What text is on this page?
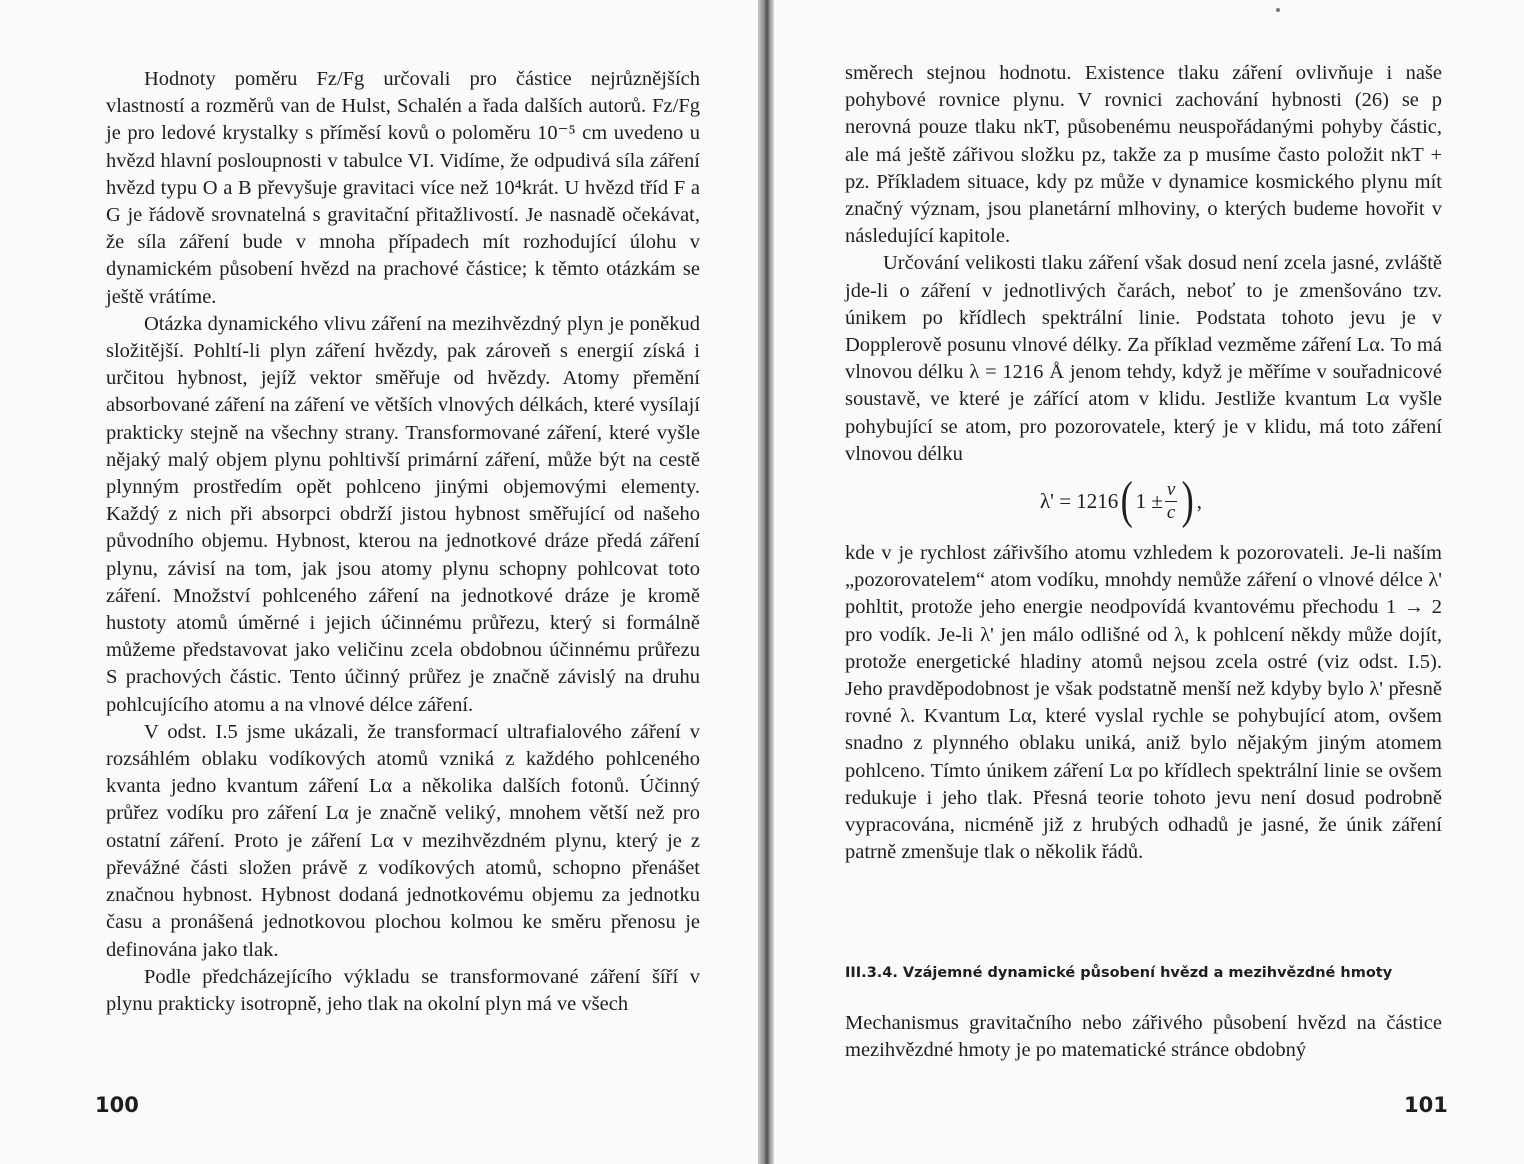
Hodnoty poměru Fz/Fg určovali pro částice nejrůznějších vlastností a rozměrů van de Hulst, Schalén a řada dalších autorů. Fz/Fg je pro ledové krystalky s příměsí kovů o poloměru 10⁻⁵ cm uvedeno u hvězd hlavní posloupnosti v tabulce VI. Vidíme, že odpudivá síla záření hvězd typu O a B převyšuje gravitaci více než 10⁴krát. U hvězd tříd F a G je řádově srovnatelná s gravitační přitažlivostí. Je nasnadě očekávat, že síla záření bude v mnoha případech mít rozhodující úlohu v dynamickém působení hvězd na prachové částice; k těmto otázkám se ještě vrátíme.

Otázka dynamického vlivu záření na mezihvězdný plyn je poněkud složitější. Pohltí-li plyn záření hvězdy, pak zároveň s energií získá i určitou hybnost, jejíž vektor směřuje od hvězdy. Atomy přemění absorbované záření na záření ve větších vlnových délkách, které vysílají prakticky stejně na všechny strany. Transformované záření, které vyšle nějaký malý objem plynu pohltivší primární záření, může být na cestě plynným prostředím opět pohlceno jinými objemovými elementy. Každý z nich při absorpci obdrží jistou hybnost směřující od našeho původního objemu. Hybnost, kterou na jednotkové dráze předá záření plynu, závisí na tom, jak jsou atomy plynu schopny pohlcovat toto záření. Množství pohlceného záření na jednotkové dráze je kromě hustoty atomů úměrné i jejich účinnému průřezu, který si formálně můžeme představovat jako veličinu zcela obdobnou účinnému průřezu S prachových částic. Tento účinný průřez je značně závislý na druhu pohlcujícího atomu a na vlnové délce záření.

V odst. I.5 jsme ukázali, že transformací ultrafialového záření v rozsáhlém oblaku vodíkových atomů vzniká z každého pohlceného kvanta jedno kvantum záření Lα a několika dalších fotonů. Účinný průřez vodíku pro záření Lα je značně veliký, mnohem větší než pro ostatní záření. Proto je záření Lα v mezihvězdném plynu, který je z převážné části složen právě z vodíkových atomů, schopno přenášet značnou hybnost. Hybnost dodaná jednotkovému objemu za jednotku času a pronášená jednotkovou plochou kolmou ke směru přenosu je definována jako tlak.

Podle předcházejícího výkladu se transformované záření šíří v plynu prakticky isotropně, jeho tlak na okolní plyn má ve všech

směrech stejnou hodnotu. Existence tlaku záření ovlivňuje i naše pohybové rovnice plynu. V rovnici zachování hybnosti (26) se p nerovná pouze tlaku nkT, působenému neuspořádanými pohyby částic, ale má ještě zářivou složku pz, takže za p musíme často položit nkT + pz. Příkladem situace, kdy pz může v dynamice kosmického plynu mít značný význam, jsou planetární mlhoviny, o kterých budeme hovořit v následující kapitole.

Určování velikosti tlaku záření však dosud není zcela jasné, zvláště jde-li o záření v jednotlivých čarách, neboť to je zmenšováno tzv. únikem po křídlech spektrální linie. Podstata tohoto jevu je v Dopplerově posunu vlnové délky. Za příklad vezměme záření Lα. To má vlnovou délku λ = 1216 Å jenom tehdy, když je měříme v souřadnicové soustavě, ve které je zářící atom v klidu. Jestliže kvantum Lα vyšle pohybující se atom, pro pozorovatele, který je v klidu, má toto záření vlnovou délku

λ' = 1216 ( $1 \pm \frac{v}{c}$ ) ,

kde v je rychlost zářivšího atomu vzhledem k pozorovateli. Je-li naším „pozorovatelem“ atom vodíku, mnohdy nemůže záření o vlnové délce λ' pohltit, protože jeho energie neodpovídá kvantovému přechodu 1 → 2 pro vodík. Je-li λ' jen málo odlišné od λ, k pohlcení někdy může dojít, protože energetické hladiny atomů nejsou zcela ostré (viz odst. I.5). Jeho pravděpodobnost je však podstatně menší než kdyby bylo λ' přesně rovné λ. Kvantum Lα, které vyslal rychle se pohybující atom, ovšem snadno z plynného oblaku uniká, aniž bylo nějakým jiným atomem pohlceno. Tímto únikem záření Lα po křídlech spektrální linie se ovšem redukuje i jeho tlak. Přesná teorie tohoto jevu není dosud podrobně vypracována, nicméně již z hrubých odhadů je jasné, že únik záření patrně zmenšuje tlak o několik řádů.

III.3.4. Vzájemné dynamické působení hvězd a mezihvězdné hmoty

Mechanismus gravitačního nebo zářivého působení hvězd na částice mezihvězdné hmoty je po matematické stránce obdobný

100	101
